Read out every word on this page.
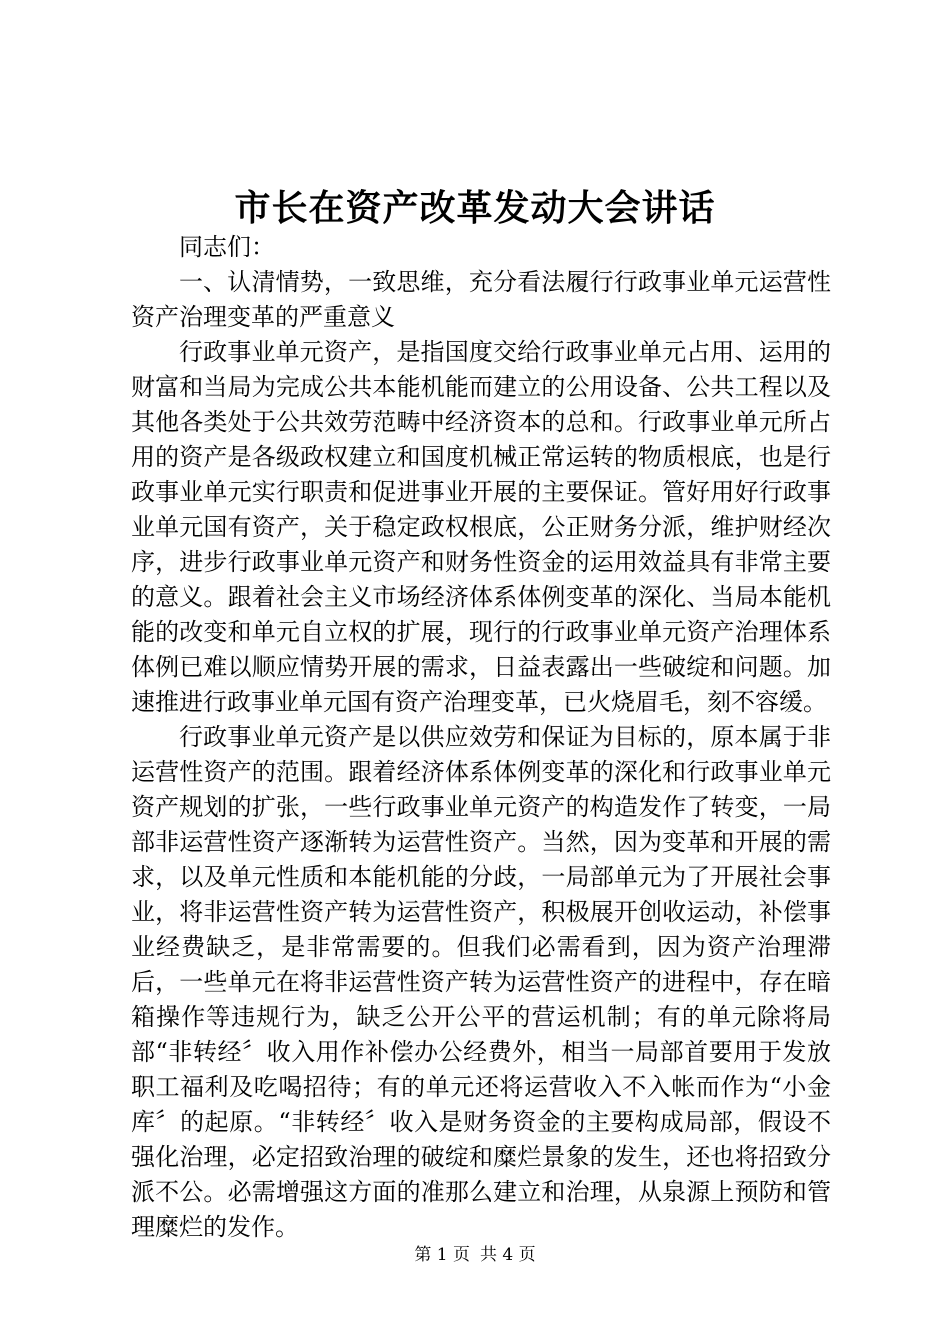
市长在资产改革发动大会讲话

同志们：

一、认清情势，一致思维，充分看法履行行政事业单元运营性资产治理变革的严重意义

行政事业单元资产，是指国度交给行政事业单元占用、运用的财富和当局为完成公共本能机能而建立的公用设备、公共工程以及其他各类处于公共效劳范畴中经济资本的总和。行政事业单元所占用的资产是各级政权建立和国度机械正常运转的物质根底，也是行政事业单元实行职责和促进事业开展的主要保证。管好用好行政事业单元国有资产，关于稳定政权根底，公正财务分派，维护财经次序，进步行政事业单元资产和财务性资金的运用效益具有非常主要的意义。跟着社会主义市场经济体系体例变革的深化、当局本能机能的改变和单元自立权的扩展，现行的行政事业单元资产治理体系体例已难以顺应情势开展的需求，日益表露出一些破绽和问题。加速推进行政事业单元国有资产治理变革，已火烧眉毛，刻不容缓。

行政事业单元资产是以供应效劳和保证为目标的，原本属于非运营性资产的范围。跟着经济体系体例变革的深化和行政事业单元资产规划的扩张，一些行政事业单元资产的构造发作了转变，一局部非运营性资产逐渐转为运营性资产。当然，因为变革和开展的需求，以及单元性质和本能机能的分歧，一局部单元为了开展社会事业，将非运营性资产转为运营性资产，积极展开创收运动，补偿事业经费缺乏，是非常需要的。但我们必需看到，因为资产治理滞后，一些单元在将非运营性资产转为运营性资产的进程中，存在暗箱操作等违规行为，缺乏公开公平的营运机制；有的单元除将局部“非转经〞收入用作补偿办公经费外，相当一局部首要用于发放职工福利及吃喝招待；有的单元还将运营收入不入帐而作为“小金库〞的起原。“非转经〞收入是财务资金的主要构成局部，假设不强化治理，必定招致治理的破绽和糜烂景象的发生，还也将招致分派不公。必需增强这方面的准那么建立和治理，从泉源上预防和管理糜烂的发作。

第 1 页 共 4 页
